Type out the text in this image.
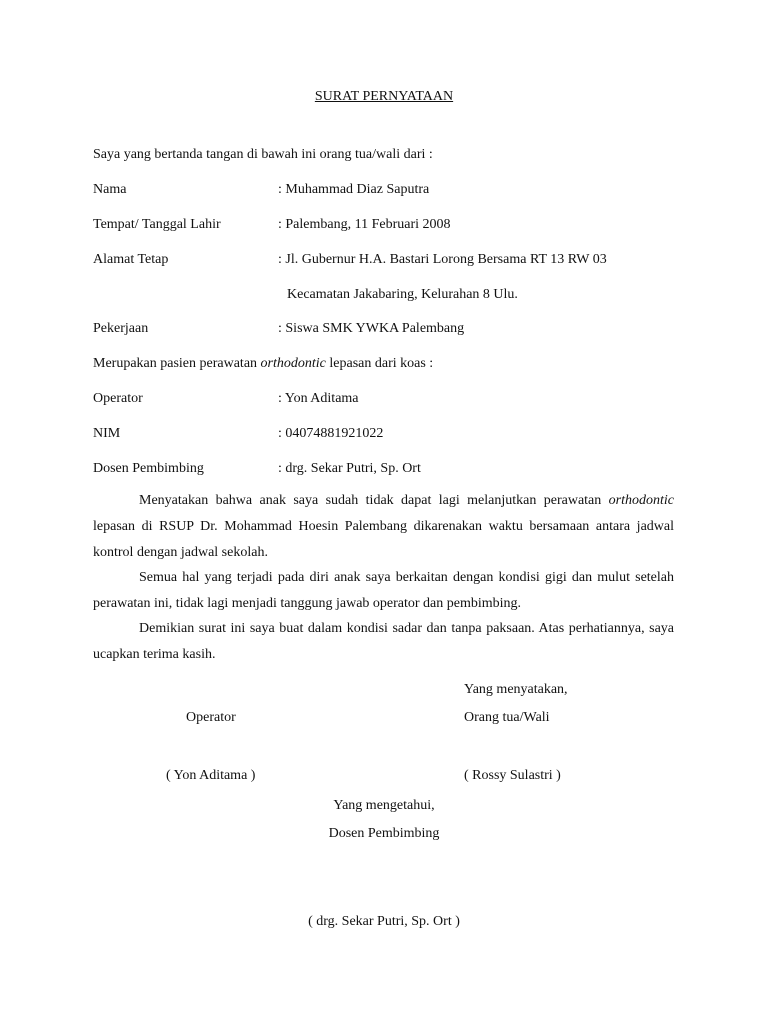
SURAT PERNYATAAN
Saya yang bertanda tangan di bawah ini orang tua/wali dari :
Nama	: Muhammad Diaz Saputra
Tempat/ Tanggal Lahir	: Palembang, 11 Februari 2008
Alamat Tetap	: Jl. Gubernur H.A. Bastari Lorong Bersama RT 13 RW 03
Kecamatan Jakabaring, Kelurahan 8 Ulu.
Pekerjaan	: Siswa SMK YWKA Palembang
Merupakan pasien perawatan orthodontic lepasan dari koas :
Operator	: Yon Aditama
NIM	: 04074881921022
Dosen Pembimbing	: drg. Sekar Putri, Sp. Ort

Menyatakan bahwa anak saya sudah tidak dapat lagi melanjutkan perawatan orthodontic lepasan di RSUP Dr. Mohammad Hoesin Palembang dikarenakan waktu bersamaan antara jadwal kontrol dengan jadwal sekolah.

Semua hal yang terjadi pada diri anak saya berkaitan dengan kondisi gigi dan mulut setelah perawatan ini, tidak lagi menjadi tanggung jawab operator dan pembimbing.

Demikian surat ini saya buat dalam kondisi sadar dan tanpa paksaan. Atas perhatiannya, saya ucapkan terima kasih.

Yang menyatakan,
Operator	Orang tua/Wali
( Yon Aditama )	( Rossy Sulastri )
Yang mengetahui,
Dosen Pembimbing
( drg. Sekar Putri, Sp. Ort )
